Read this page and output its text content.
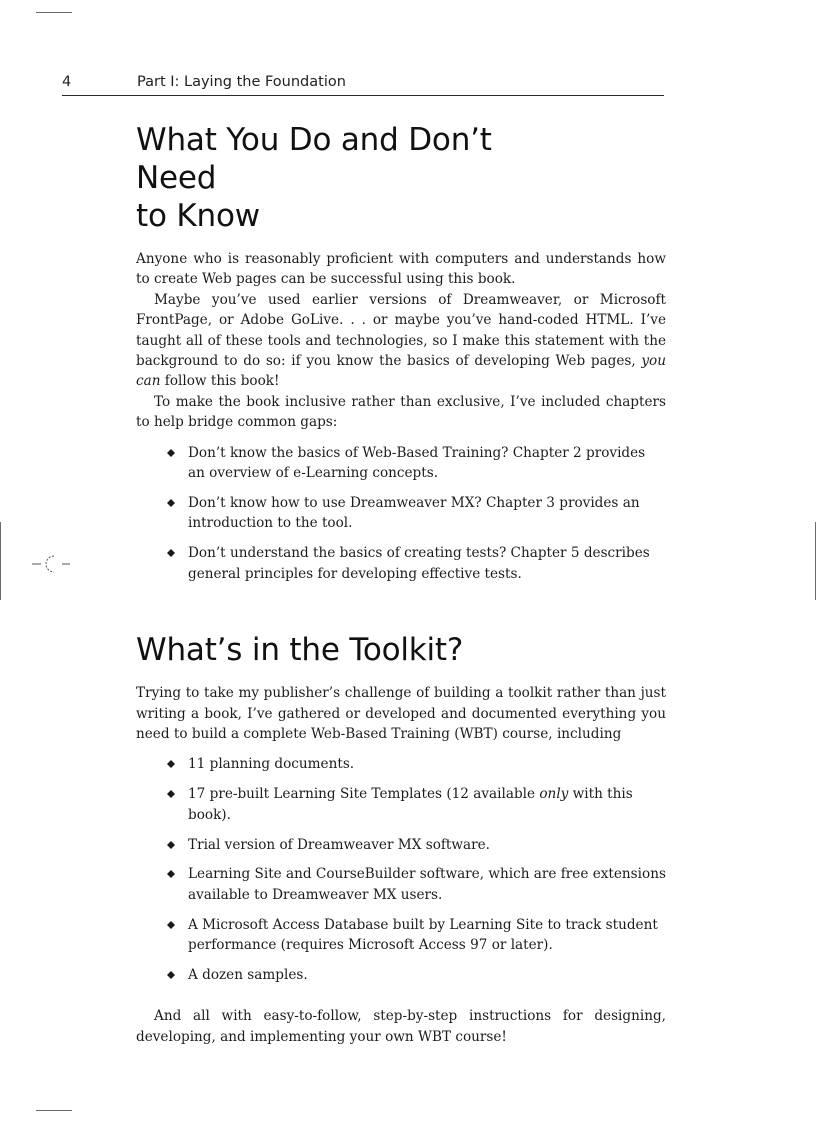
4	Part I: Laying the Foundation
What You Do and Don’t Need
to Know

Anyone who is reasonably proficient with computers and understands how to create Web pages can be successful using this book.

Maybe you’ve used earlier versions of Dreamweaver, or Microsoft FrontPage, or Adobe GoLive. . . or maybe you’ve hand-coded HTML. I’ve taught all of these tools and technologies, so I make this statement with the background to do so: if you know the basics of developing Web pages, you can follow this book!

To make the book inclusive rather than exclusive, I’ve included chapters to help bridge common gaps:

Don’t know the basics of Web-Based Training? Chapter 2 provides an overview of e-Learning concepts.
Don’t know how to use Dreamweaver MX? Chapter 3 provides an introduction to the tool.
Don’t understand the basics of creating tests? Chapter 5 describes general principles for developing effective tests.
What’s in the Toolkit?

Trying to take my publisher’s challenge of building a toolkit rather than just writing a book, I’ve gathered or developed and documented everything you need to build a complete Web-Based Training (WBT) course, including

11 planning documents.
17 pre-built Learning Site Templates (12 available only with this book).
Trial version of Dreamweaver MX software.
Learning Site and CourseBuilder software, which are free extensions available to Dreamweaver MX users.
A Microsoft Access Database built by Learning Site to track student performance (requires Microsoft Access 97 or later).
A dozen samples.

And all with easy-to-follow, step-by-step instructions for designing, developing, and implementing your own WBT course!
